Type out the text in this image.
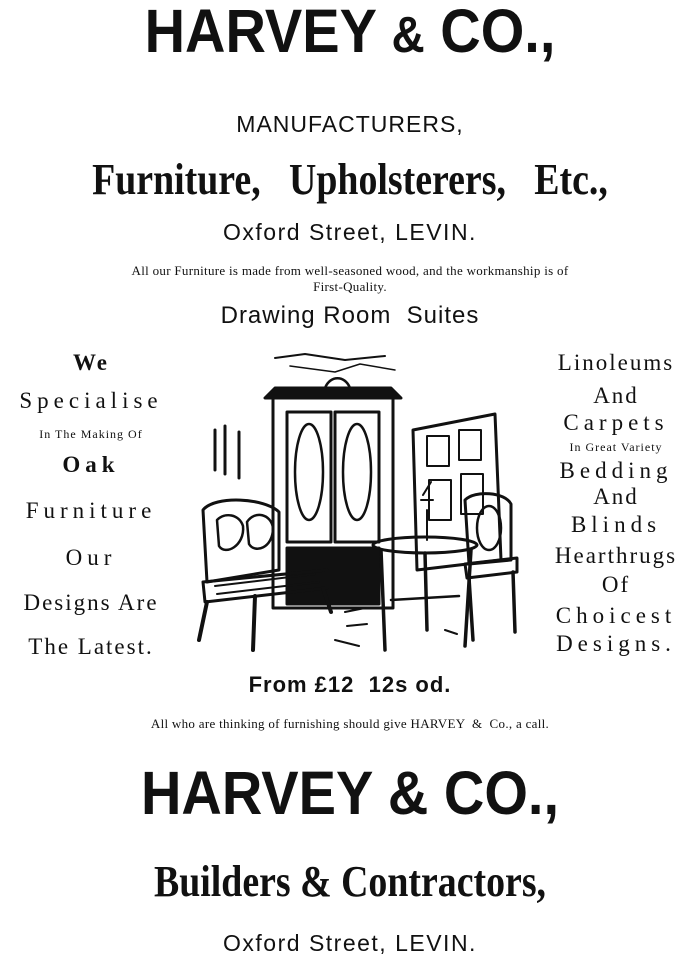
HARVEY & CO.,
MANUFACTURERS,
Furniture,   Upholsterers,   Etc.,
Oxford Street, LEVIN.
All our Furniture is made from well-seasoned wood, and the workmanship is of
First-Quality.
Drawing Room  Suites
We
Specialise
In The Making Of
Oak
Furniture
Our
Designs Are
The Latest.
Linoleums
And
Carpets
In Great Variety
Bedding
And
Blinds
Hearthrugs
Of
Choicest
Designs.
From £12  12s od.
All who are thinking of furnishing should give HARVEY  &  Co., a call.
HARVEY & CO.,
Builders & Contractors,
Oxford Street, LEVIN.
